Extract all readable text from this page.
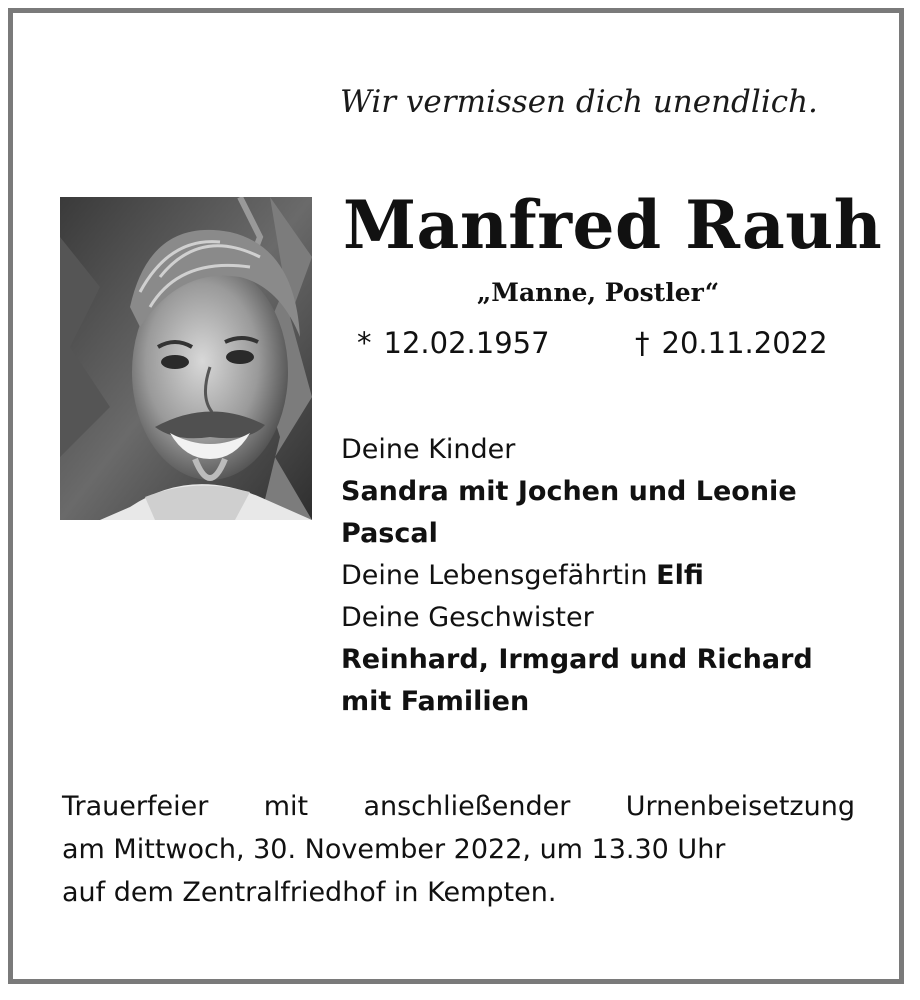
Wir vermissen dich unendlich.
Manfred Rauh
„Manne, Postler“
* 12.02.1957	† 20.11.2022
Deine Kinder
Sandra mit Jochen und Leonie
Pascal
Deine Lebensgefährtin Elfi
Deine Geschwister
Reinhard, Irmgard und Richard
mit Familien
Trauerfeier mit anschließender Urnenbeisetzung
am Mittwoch, 30. November 2022, um 13.30 Uhr
auf dem Zentralfriedhof in Kempten.
